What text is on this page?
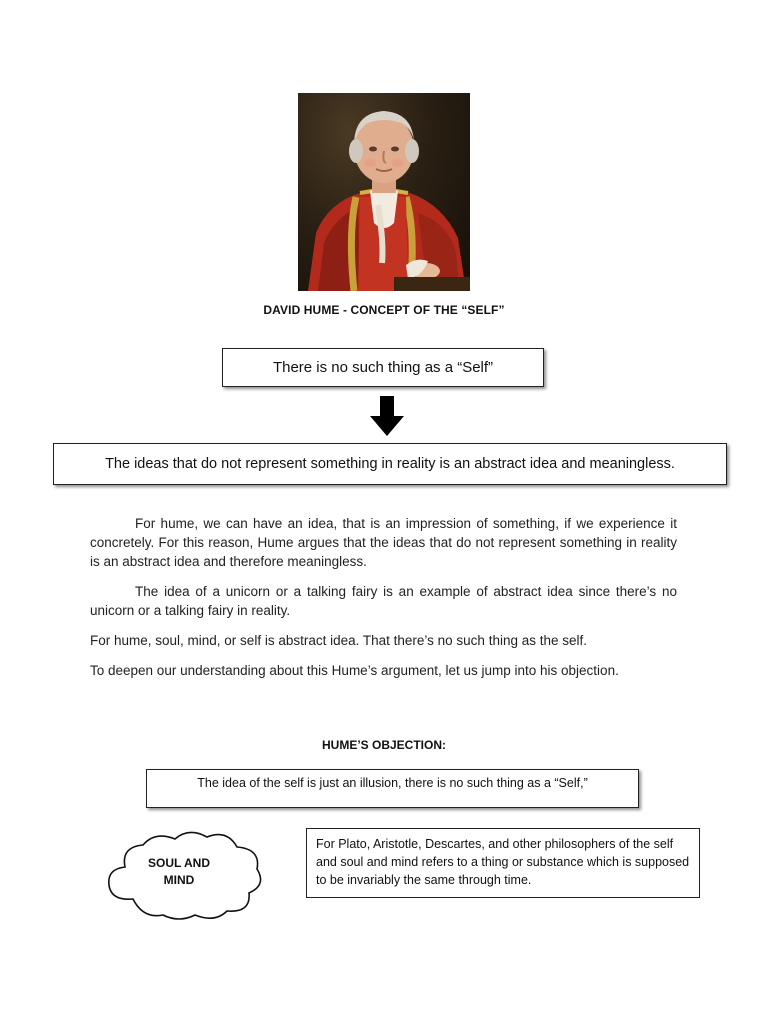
DAVID HUME - CONCEPT OF THE “SELF”
There is no such thing as a “Self”
The ideas that do not represent something in reality is an abstract idea and meaningless.

For hume, we can have an idea, that is an impression of something, if we experience it concretely. For this reason, Hume argues that the ideas that do not represent something in reality is an abstract idea and therefore meaningless.

The idea of a unicorn or a talking fairy is an example of abstract idea since there’s no unicorn or a talking fairy in reality.

For hume, soul, mind, or self is abstract idea. That there’s no such thing as the self.

To deepen our understanding about this Hume’s argument, let us jump into his objection.

HUME’S OBJECTION:
The idea of the self is just an illusion, there is no such thing as a “Self,”
SOUL AND
MIND
For Plato, Aristotle, Descartes, and other philosophers of the self and soul and mind refers to a thing or substance which is supposed to be invariably the same through time.
